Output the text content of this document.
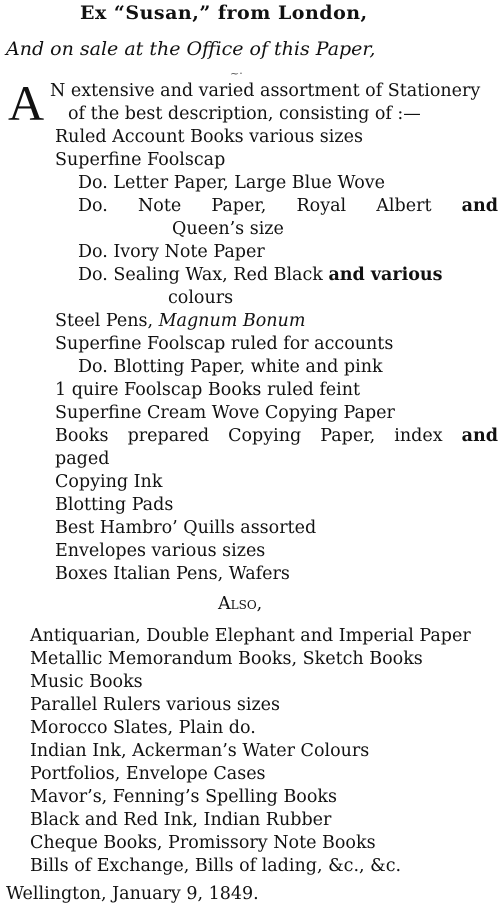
Ex “Susan,” from London,
And on sale at the Office of this Paper,
~·
A N extensive and varied assortment of Stationery
of the best description, consisting of :—
Ruled Account Books various sizes
Superfine Foolscap
Do. Letter Paper, Large Blue Wove
Do. Note Paper, Royal Albert and
Queen’s size
Do. Ivory Note Paper
Do. Sealing Wax, Red Black and various
colours
Steel Pens, Magnum Bonum
Superfine Foolscap ruled for accounts
Do. Blotting Paper, white and pink
1 quire Foolscap Books ruled feint
Superfine Cream Wove Copying Paper
Books prepared Copying Paper, index and
paged
Copying Ink
Blotting Pads
Best Hambro’ Quills assorted
Envelopes various sizes
Boxes Italian Pens, Wafers
Also,
Antiquarian, Double Elephant and Imperial Paper
Metallic Memorandum Books, Sketch Books
Music Books
Parallel Rulers various sizes
Morocco Slates, Plain do.
Indian Ink, Ackerman’s Water Colours
Portfolios, Envelope Cases
Mavor’s, Fenning’s Spelling Books
Black and Red Ink, Indian Rubber
Cheque Books, Promissory Note Books
Bills of Exchange, Bills of lading, &c., &c.
Wellington, January 9, 1849.
